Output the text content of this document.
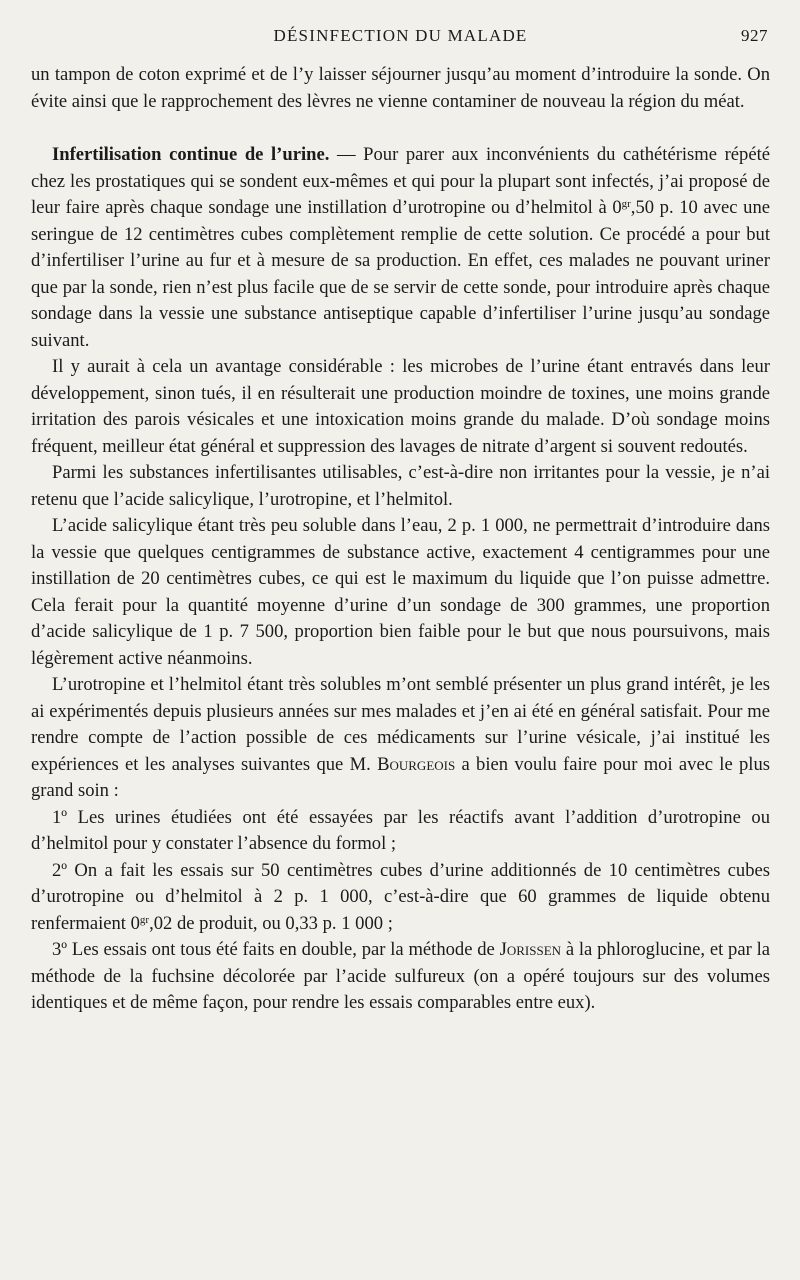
DÉSINFECTION DU MALADE	927

un tampon de coton exprimé et de l’y laisser séjourner jusqu’au moment d’introduire la sonde. On évite ainsi que le rapprochement des lèvres ne vienne contaminer de nouveau la région du méat.

Infertilisation continue de l’urine. — Pour parer aux inconvénients du cathétérisme répété chez les prostatiques qui se sondent eux-mêmes et qui pour la plupart sont infectés, j’ai proposé de leur faire après chaque sondage une instillation d’urotropine ou d’helmitol à $0^{gr},50$ p. 10 avec une seringue de 12 centimètres cubes complètement remplie de cette solution. Ce procédé a pour but d’infertiliser l’urine au fur et à mesure de sa production. En effet, ces malades ne pouvant uriner que par la sonde, rien n’est plus facile que de se servir de cette sonde, pour introduire après chaque sondage dans la vessie une substance antiseptique capable d’infertiliser l’urine jusqu’au sondage suivant.

Il y aurait à cela un avantage considérable : les microbes de l’urine étant entravés dans leur développement, sinon tués, il en résulterait une production moindre de toxines, une moins grande irritation des parois vésicales et une intoxication moins grande du malade. D’où sondage moins fréquent, meilleur état général et suppression des lavages de nitrate d’argent si souvent redoutés.

Parmi les substances infertilisantes utilisables, c’est-à-dire non irritantes pour la vessie, je n’ai retenu que l’acide salicylique, l’urotropine, et l’helmitol.

L’acide salicylique étant très peu soluble dans l’eau, 2 p. 1 000, ne permettrait d’introduire dans la vessie que quelques centigrammes de substance active, exactement 4 centigrammes pour une instillation de 20 centimètres cubes, ce qui est le maximum du liquide que l’on puisse admettre. Cela ferait pour la quantité moyenne d’urine d’un sondage de 300 grammes, une proportion d’acide salicylique de 1 p. 7 500, proportion bien faible pour le but que nous poursuivons, mais légèrement active néanmoins.

L’urotropine et l’helmitol étant très solubles m’ont semblé présenter un plus grand intérêt, je les ai expérimentés depuis plusieurs années sur mes malades et j’en ai été en général satisfait. Pour me rendre compte de l’action possible de ces médicaments sur l’urine vésicale, j’ai institué les expériences et les analyses suivantes que M. Bourgeois a bien voulu faire pour moi avec le plus grand soin :

1º Les urines étudiées ont été essayées par les réactifs avant l’addition d’urotropine ou d’helmitol pour y constater l’absence du formol ;

2º On a fait les essais sur 50 centimètres cubes d’urine additionnés de 10 centimètres cubes d’urotropine ou d’helmitol à 2 p. 1 000, c’est-à-dire que 60 grammes de liquide obtenu renfermaient $0^{gr},02$ de produit, ou 0,33 p. 1 000 ;

3º Les essais ont tous été faits en double, par la méthode de Jorissen à la phloroglucine, et par la méthode de la fuchsine décolorée par l’acide sulfureux (on a opéré toujours sur des volumes identiques et de même façon, pour rendre les essais comparables entre eux).
